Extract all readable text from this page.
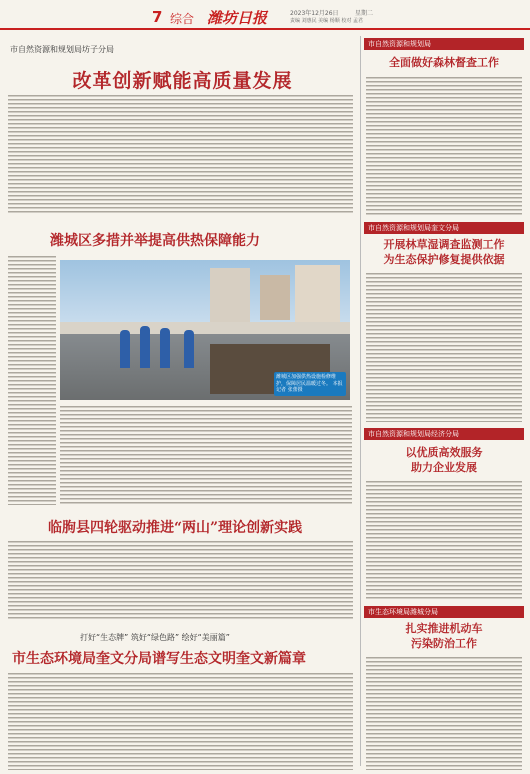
7 综合 潍坊日报	2023年12月26日	星期二
责编 刘惠民 美编 杨顺 校对 孟君
市自然资源和规划局坊子分局
改革创新赋能高质量发展
潍城区多措并举提高供热保障能力
潍城区加强供热设施检修维护，保障居民温暖过冬。 本报记者 张蕾摄
临朐县四轮驱动推进“两山”理论创新实践
打好“生态牌” 筑好“绿色路” 绘好“美丽篇”
市生态环境局奎文分局谱写生态文明奎文新篇章
市自然资源和规划局
全面做好森林督查工作
市自然资源和规划局奎文分局
开展林草湿调查监测工作
为生态保护修复提供依据
市自然资源和规划局经济分局
以优质高效服务
助力企业发展
市生态环境局潍城分局
扎实推进机动车
污染防治工作
